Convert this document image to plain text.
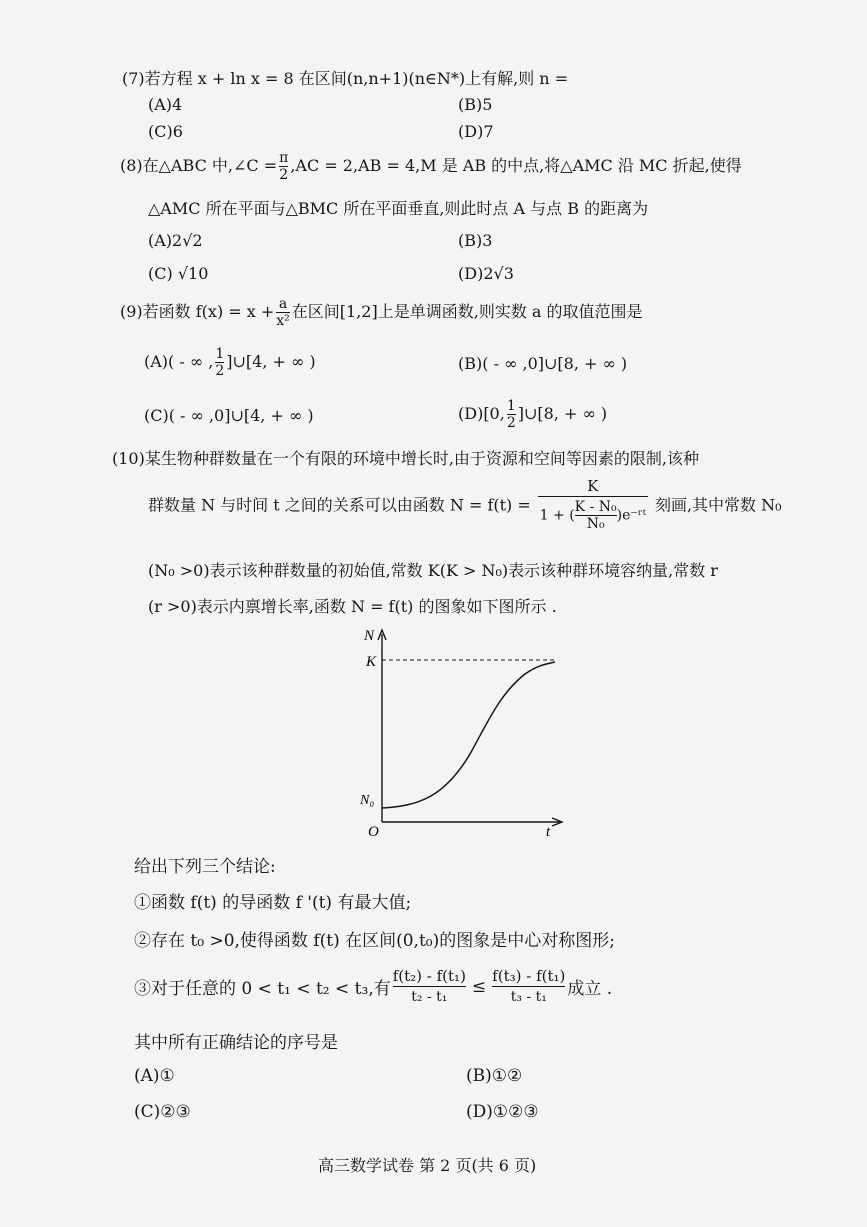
(7)若方程 x + ln x = 8 在区间(n,n+1)(n∈N*)上有解,则 n =
(A)4	(B)5
(C)6	(D)7
(8)在△ABC 中,∠C = $\frac{\pi}{2} ,AC = 2,AB = 4,M$ 是 AB 的中点,将△AMC 沿 MC 折起,使得
△AMC 所在平面与△BMC 所在平面垂直,则此时点 A 与点 B 的距离为
(A)2√2	(B)3
(C) √10	(D)2√3
(9)若函数 $f(x) = x + \frac{a}{\text{x²}}$ 在区间[1,2]上是单调函数,则实数 a 的取值范围是
(A)( - ∞ , $\frac{1}{2}$ ]∪[4, + ∞ )	(B)( - ∞ ,0]∪[8, + ∞ )
(C)( - ∞ ,0]∪[4, + ∞ )	(D)[0, $\frac{1}{2}$ ]∪[8, + ∞ )
(10)某生物种群数量在一个有限的环境中增长时,由于资源和空间等因素的限制,该种
群数量 N 与时间 t 之间的关系可以由函数 $N = f(t) = \frac{K}{1 + ( \frac{\text{K - N₀}}{\text{N₀}} )e^-ʳᵗ}$ 刻画,其中常数 N₀
(N₀ >0)表示该种群数量的初始值,常数 K(K > N₀)表示该种群环境容纳量,常数 r
(r >0)表示内禀增长率,函数 N = f(t) 的图象如下图所示 .
N
K
N₀
O	t
给出下列三个结论:
①函数 f(t) 的导函数 f '(t) 有最大值;
②存在 t₀ >0,使得函数 f(t) 在区间(0,t₀)的图象是中心对称图形;
③对于任意的 0 < t₁ < t₂ < t₃,有 $\frac{\text{f(t₂) - f(t₁)}}{\text{t₂ - t₁}} \le \frac{\text{f(t₃) - f(t₁)}}{\text{t₃ - t₁}}$ 成立 .
其中所有正确结论的序号是
(A)①	(B)①②
(C)②③	(D)①②③
高三数学试卷 第 2 页(共 6 页)
